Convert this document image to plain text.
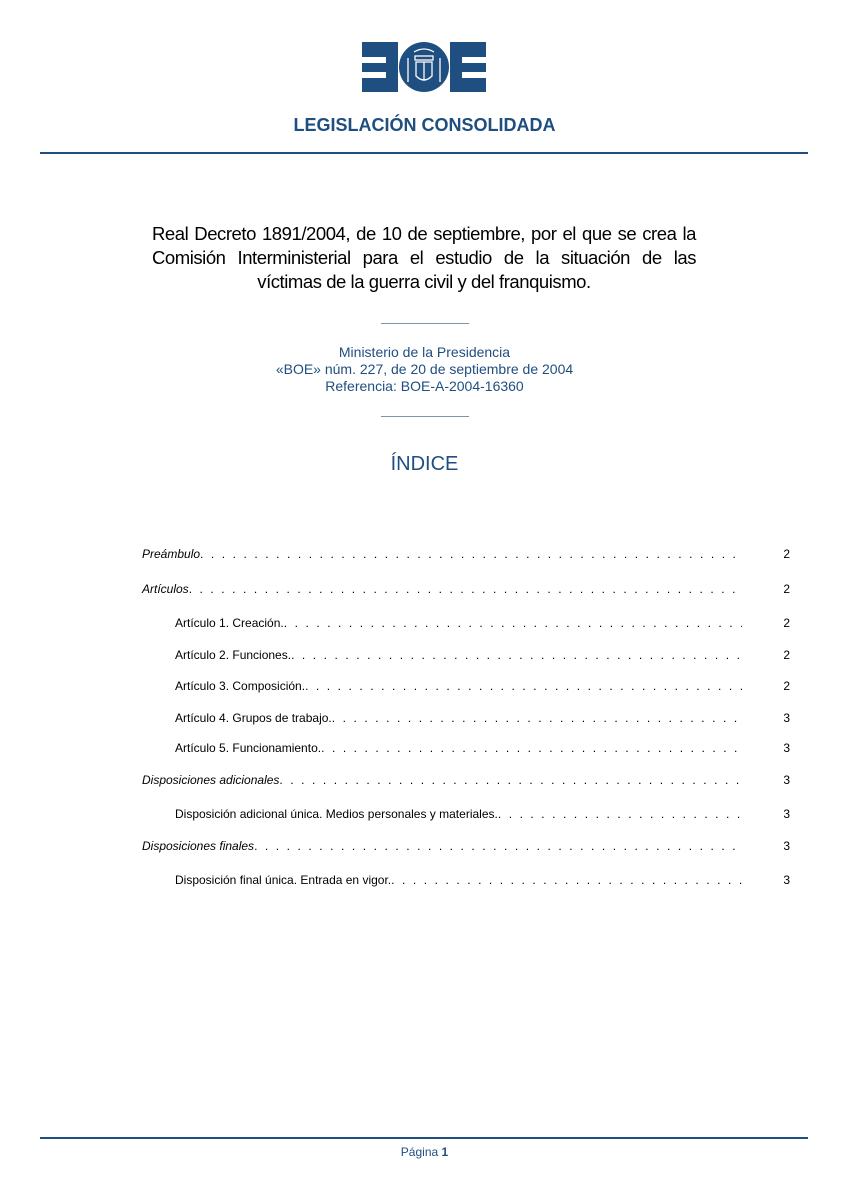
LEGISLACIÓN CONSOLIDADA
Real Decreto 1891/2004, de 10 de septiembre, por el que se crea la Comisión Interministerial para el estudio de la situación de las víctimas de la guerra civil y del franquismo.
Ministerio de la Presidencia
«BOE» núm. 227, de 20 de septiembre de 2004
Referencia: BOE-A-2004-16360
ÍNDICE
Preámbulo . . .	2
Artículos . . .	2
Artículo 1. Creación. . . .	2
Artículo 2. Funciones. . . .	2
Artículo 3. Composición. . . .	2
Artículo 4. Grupos de trabajo. . . .	3
Artículo 5. Funcionamiento. . . .	3
Disposiciones adicionales . . .	3
Disposición adicional única. Medios personales y materiales. . . .	3
Disposiciones finales . . .	3
Disposición final única. Entrada en vigor. . . .	3
Página 1
